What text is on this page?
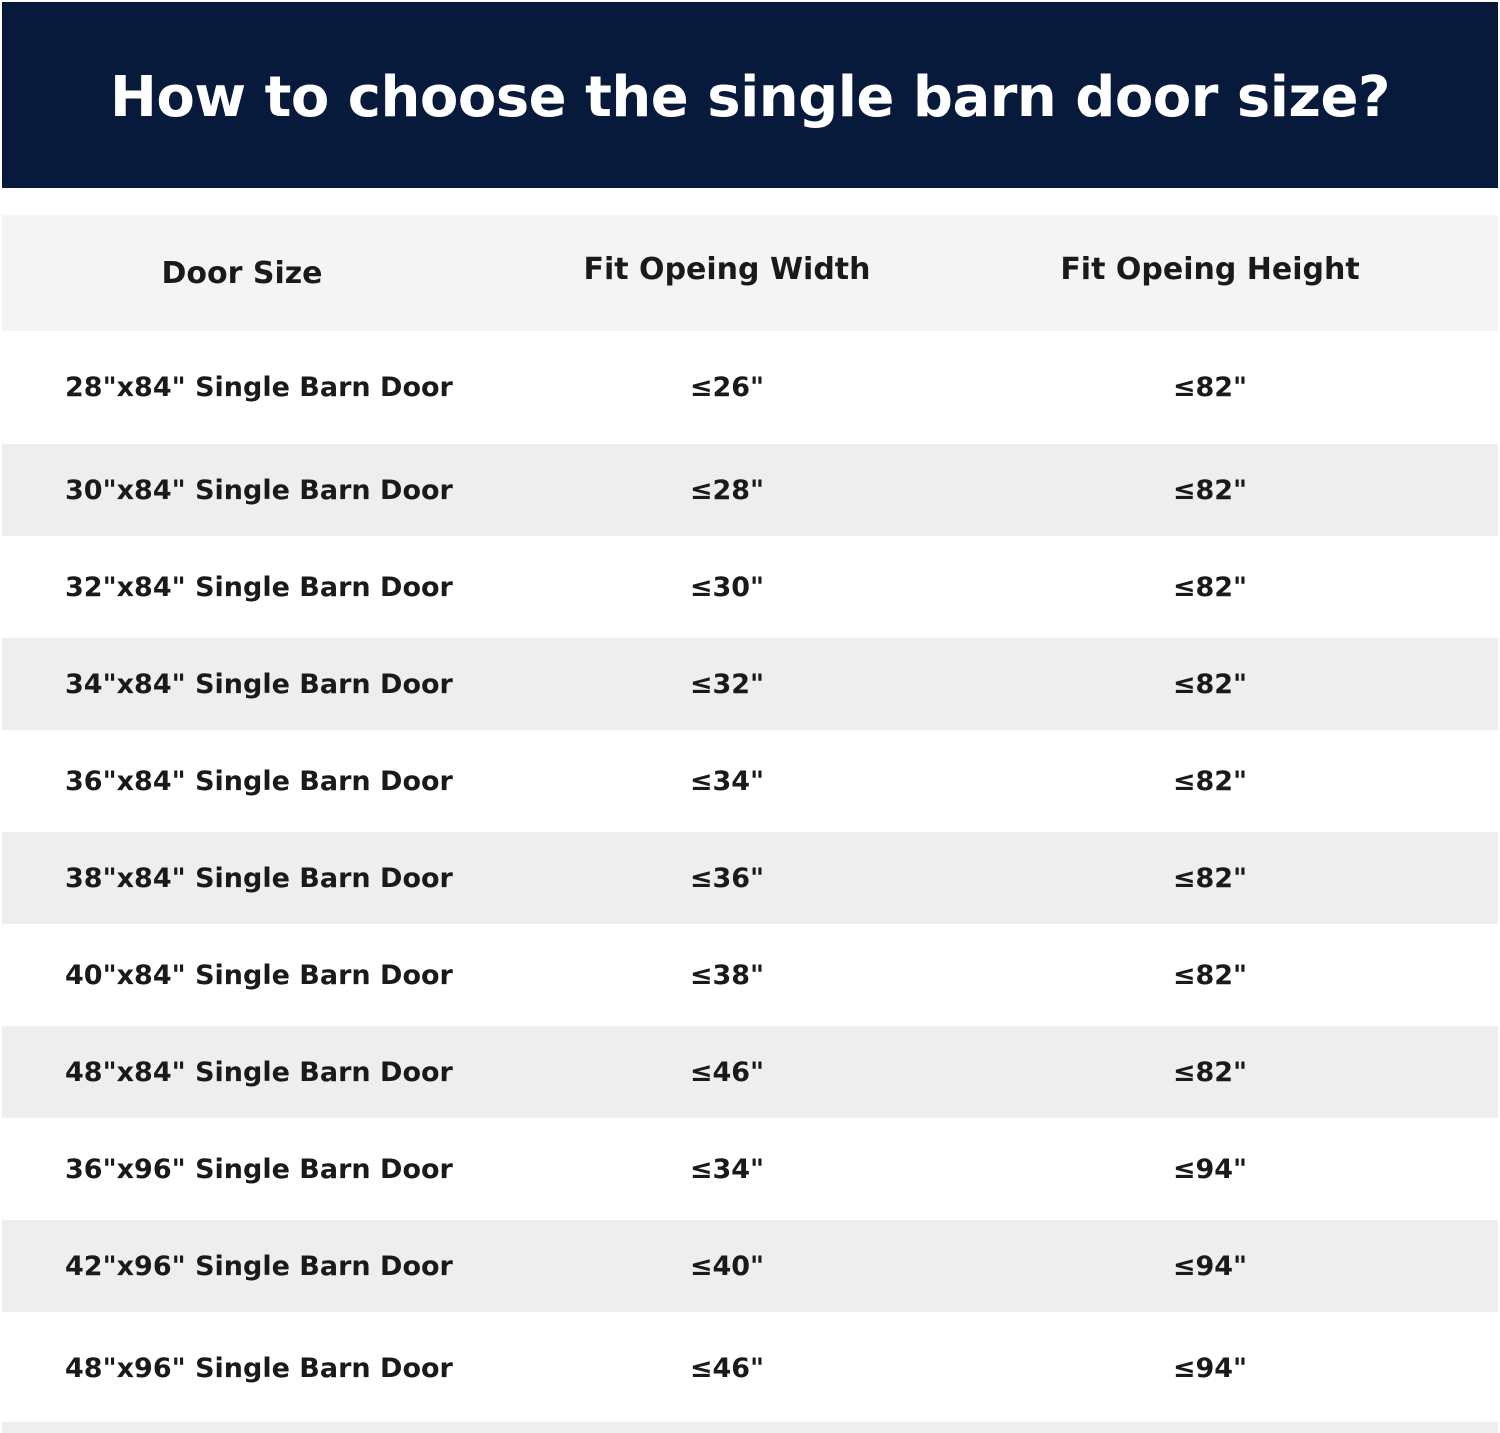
How to choose the single barn door size?
Door Size	Fit Opeing Width	Fit Opeing Height
28"x84" Single Barn Door	≤26"	≤82"
30"x84" Single Barn Door	≤28"	≤82"
32"x84" Single Barn Door	≤30"	≤82"
34"x84" Single Barn Door	≤32"	≤82"
36"x84" Single Barn Door	≤34"	≤82"
38"x84" Single Barn Door	≤36"	≤82"
40"x84" Single Barn Door	≤38"	≤82"
48"x84" Single Barn Door	≤46"	≤82"
36"x96" Single Barn Door	≤34"	≤94"
42"x96" Single Barn Door	≤40"	≤94"
48"x96" Single Barn Door	≤46"	≤94"
